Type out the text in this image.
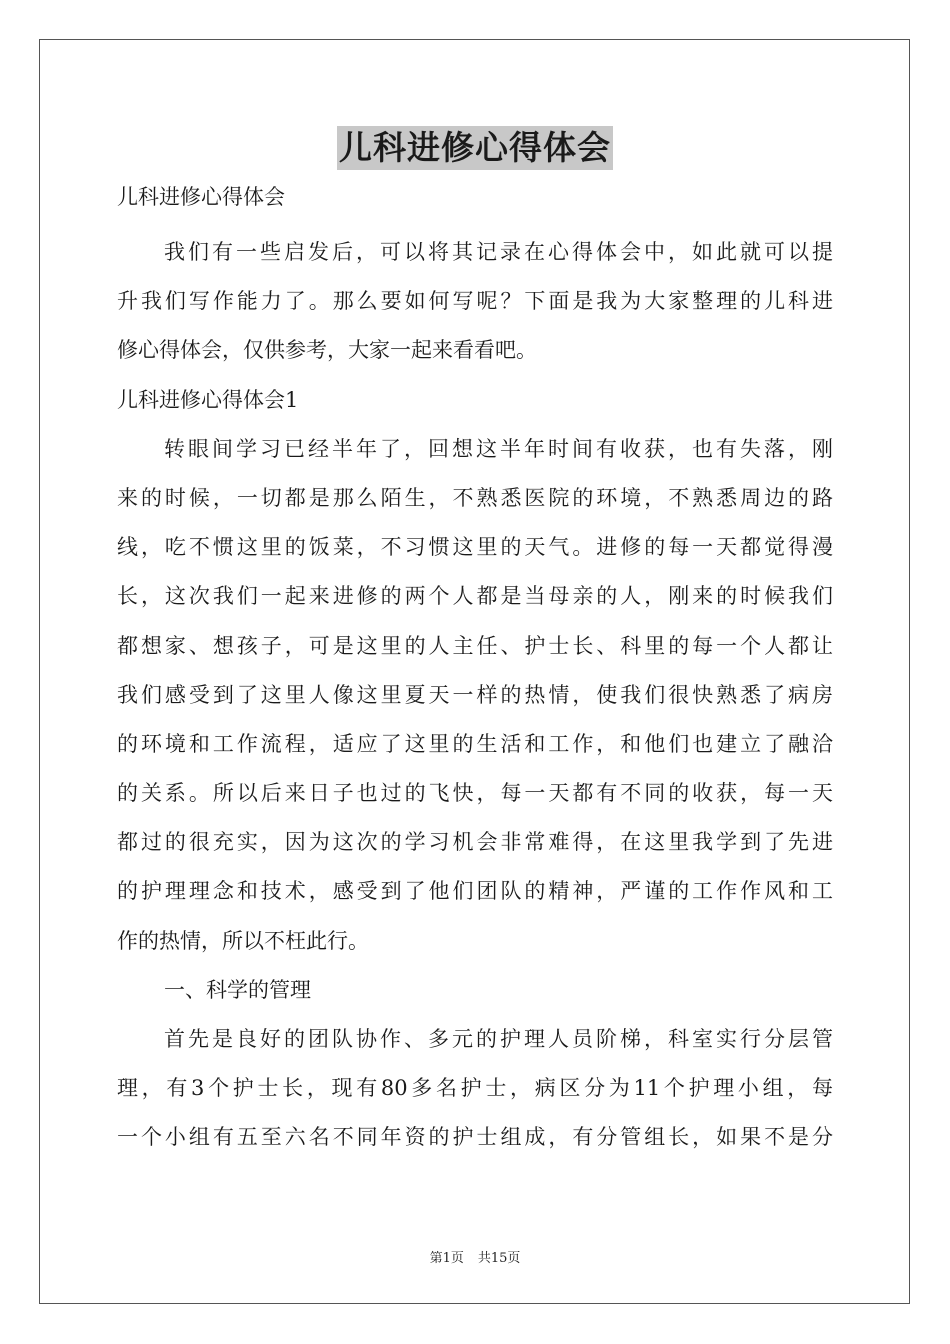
儿科进修心得体会
儿科进修心得体会
我们有一些启发后，可以将其记录在心得体会中，如此就可以提
升我们写作能力了。那么要如何写呢？下面是我为大家整理的儿科进
修心得体会，仅供参考，大家一起来看看吧。
儿科进修心得体会1
转眼间学习已经半年了，回想这半年时间有收获，也有失落，刚
来的时候，一切都是那么陌生，不熟悉医院的环境，不熟悉周边的路
线，吃不惯这里的饭菜，不习惯这里的天气。进修的每一天都觉得漫
长，这次我们一起来进修的两个人都是当母亲的人，刚来的时候我们
都想家、想孩子，可是这里的人主任、护士长、科里的每一个人都让
我们感受到了这里人像这里夏天一样的热情，使我们很快熟悉了病房
的环境和工作流程，适应了这里的生活和工作，和他们也建立了融洽
的关系。所以后来日子也过的飞快，每一天都有不同的收获，每一天
都过的很充实，因为这次的学习机会非常难得，在这里我学到了先进
的护理理念和技术，感受到了他们团队的精神，严谨的工作作风和工
作的热情，所以不枉此行。
一、科学的管理
首先是良好的团队协作、多元的护理人员阶梯，科室实行分层管
理，有3个护士长，现有80多名护士，病区分为11个护理小组，每
一个小组有五至六名不同年资的护士组成，有分管组长，如果不是分
第1页 共15页
